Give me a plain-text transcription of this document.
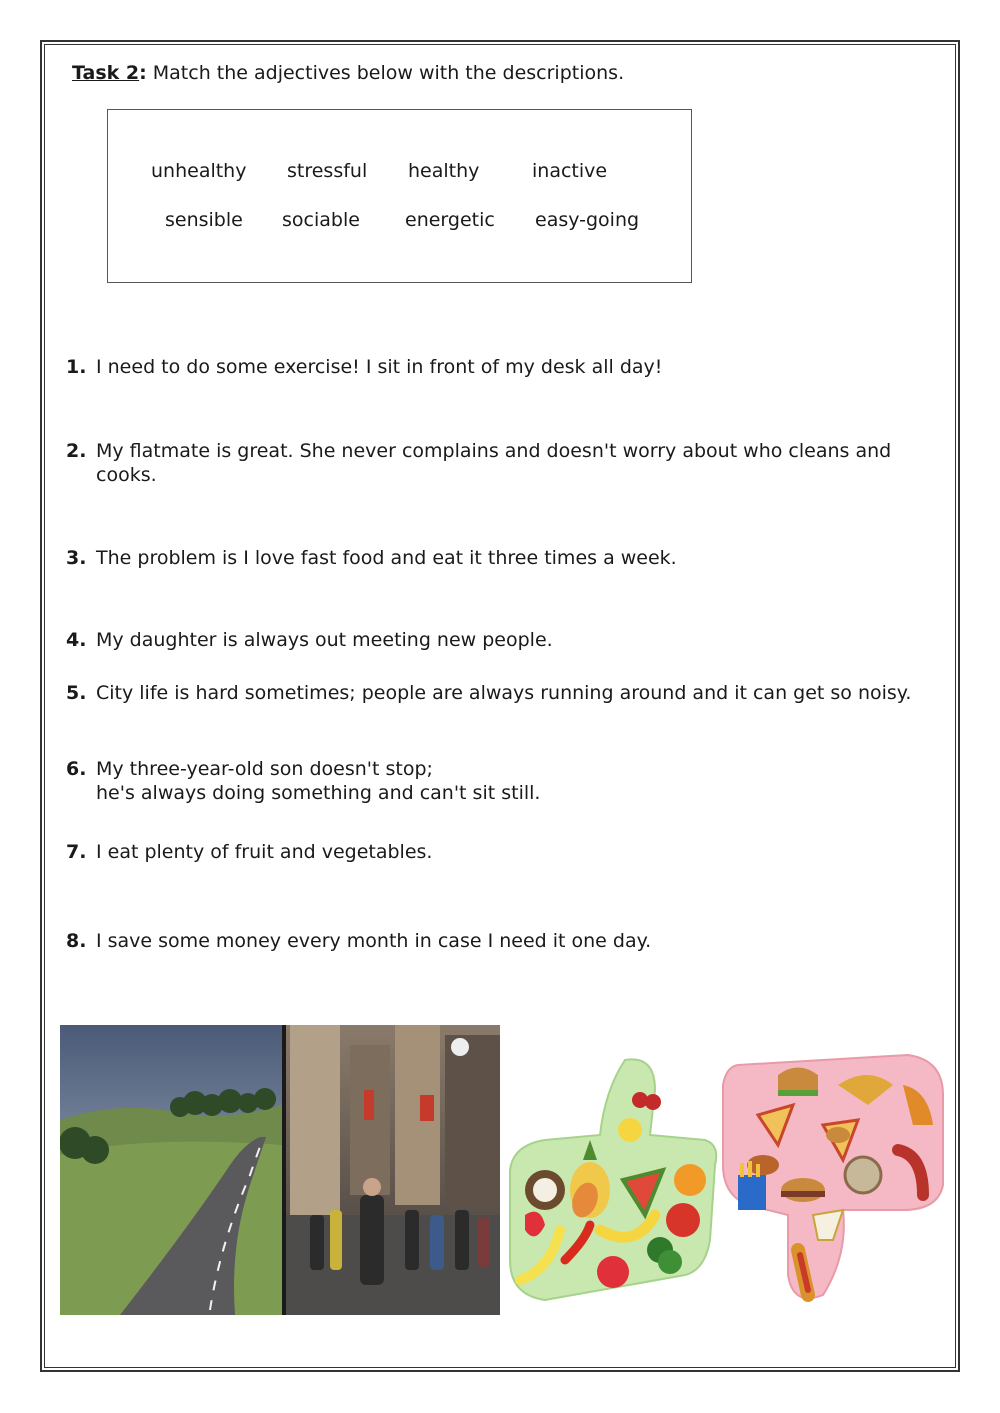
Task 2: Match the adjectives below with the descriptions.
unhealthy stressful healthy	inactive
sensible sociable energetic easy-going
1. I need to do some exercise! I sit in front of my desk all day!
2. My flatmate is great. She never complains and doesn't worry about who cleans and cooks.
3. The problem is I love fast food and eat it three times a week.
4. My daughter is always out meeting new people.
5. City life is hard sometimes; people are always running around and it can get so noisy.
6. My three-year-old son doesn't stop;
he's always doing something and can't sit still.
7. I eat plenty of fruit and vegetables.
8. I save some money every month in case I need it one day.
